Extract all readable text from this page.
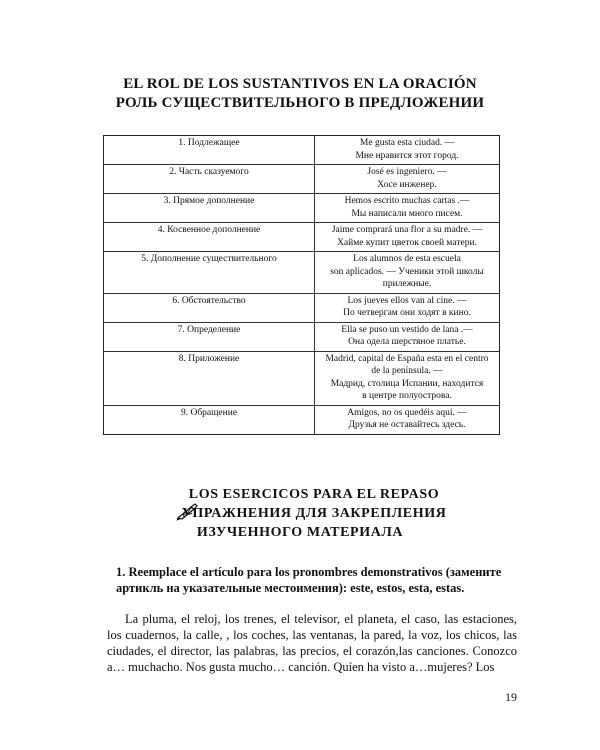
EL ROL DE LOS SUSTANTIVOS EN LA ORACIÓN
РОЛЬ СУЩЕСТВИТЕЛЬНОГО В ПРЕДЛОЖЕНИИ
1. Подлежащее	Me gusta esta ciudad. —
Мне нравится этот город.

2. Часть сказуемого	José es ingeniero. —
Хосе инженер.

3. Прямое дополнение	Hemos escrito muchas cartas .—
Мы написали много писем.

4. Косвенное дополнение	Jaime comprará una flor a su madre. —
Хайме купит цветок своей матери.

5. Дополнение существительного	Los alumnos de esta escuela
son aplicados. — Ученики этой школы
прилежные.

6. Обстоятельство	Los jueves ellos van al cine. —
По четвергам они ходят в кино.

7. Определение	Ella se puso un vestido de lana .—
Она одела шерстяное платье.

8. Приложение	Madrid, capital de España esta en el centro
de la península. —
Мадрид, столица Испании, находится
в центре полуострова.

9. Обращение	Amigos, no os quedéis aquí. —
Друзья не оставайтесь здесь.
LOS ESERCICOS PARA EL REPASO
УПРАЖНЕНИЯ ДЛЯ ЗАКРЕПЛЕНИЯ
ИЗУЧЕННОГО МАТЕРИАЛА
1. Reemplace el artículo para los pronombres demonstrativos (замените артикль на указательные местоимения): este, estos, esta, estas.

La pluma, el reloj, los trenes, el televisor, el planeta, el caso, las estaciones, los cuadernos, la calle, , los coches, las ventanas, la pared, la voz, los chicos, las ciudades, el director, las palabras, las precios, el corazón,las canciones. Conozco a… muchacho. Nos gusta mucho… canción. Quíen ha visto a…mujeres? Los

19
